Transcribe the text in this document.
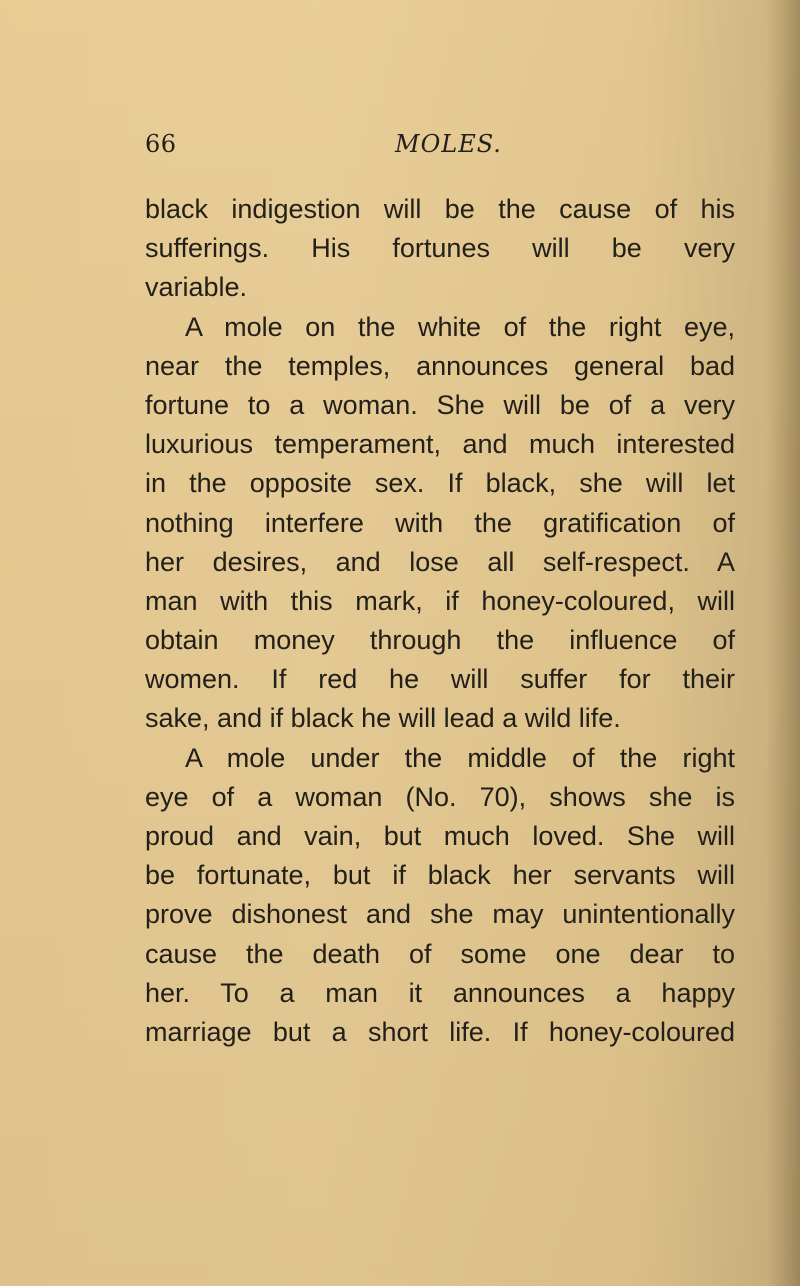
66	MOLES.
black indigestion will be the cause of his
sufferings. His fortunes will be very
variable.
A mole on the white of the right eye,
near the temples, announces general bad
fortune to a woman. She will be of a very
luxurious temperament, and much interested
in the opposite sex. If black, she will let
nothing interfere with the gratification of
her desires, and lose all self-respect. A
man with this mark, if honey-coloured, will
obtain money through the influence of
women. If red he will suffer for their
sake, and if black he will lead a wild life.
A mole under the middle of the right
eye of a woman (No. 70), shows she is
proud and vain, but much loved. She will
be fortunate, but if black her servants will
prove dishonest and she may unintentionally
cause the death of some one dear to
her. To a man it announces a happy
marriage but a short life. If honey-coloured
